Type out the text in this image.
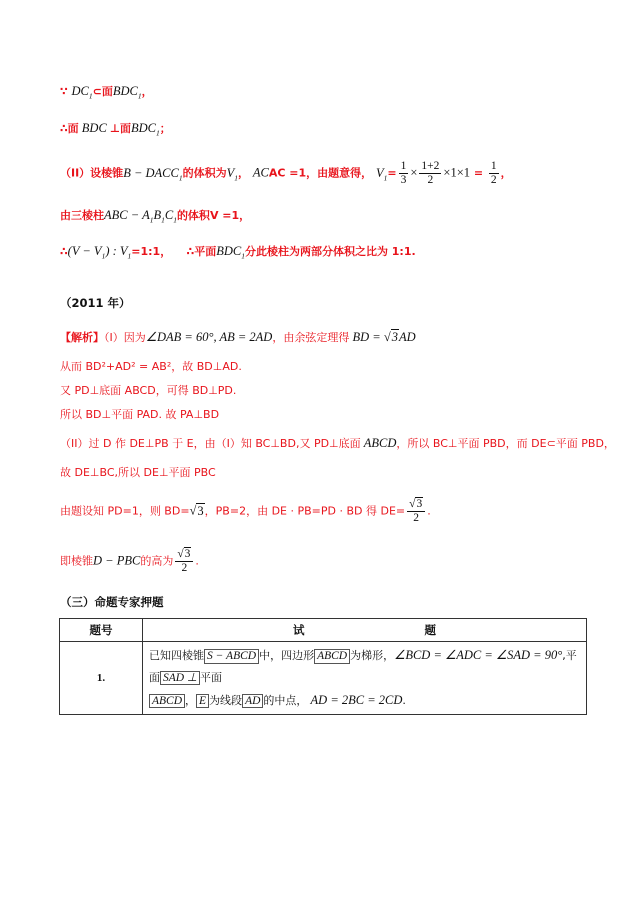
∵ $DC_1\subset$面$BDC_1$，
∴面 BDC ⊥面$BDC_1$；
（II）设棱锥$B - DACC_1$的体积为$V_1$， ACAC =1，由题意得， $V_1= \frac{1}{3} \times \frac{1+2}{2} \times 1\times 1 = \frac{1}{2}$ ，
由三棱柱ABC − $A_1B_1C_1$的体积V =1，
∴(V − $V_1$) : $V_1=1:1$， ∴平面$BDC_1$分此棱柱为两部分体积之比为 1:1.
（2011 年）
【解析】（I）因为∠DAB = 60°, AB = 2AD，由余弦定理得 BD = √3AD
从而 BD²+AD² = AB²，故 BD⊥AD.
又 PD⊥底面 ABCD，可得 BD⊥PD.
所以 BD⊥平面 PAD. 故 PA⊥BD
（II）过 D 作 DE⊥PB 于 E，由（I）知 BC⊥BD,又 PD⊥底面 ABCD，所以 BC⊥平面 PBD，而 DE⊂平面 PBD，
故 DE⊥BC,所以 DE⊥平面 PBC
由题设知 PD=1，则 BD=√3，PB=2，由 DE · PB=PD · BD 得 $DE= \frac{√3}{2}$ .
即棱锥D − PBC的高为 $\frac{√3}{2}$ .
（三）命题专家押题
题号	试 题
1.	已知四棱锥 S − ABCD 中，四边形 ABCD 为梯形，∠BCD = ∠ADC = ∠SAD = 90°,平面 SAD ⊥ 平面
ABCD ， E 为线段 AD 的中点， AD = 2BC = 2CD.
